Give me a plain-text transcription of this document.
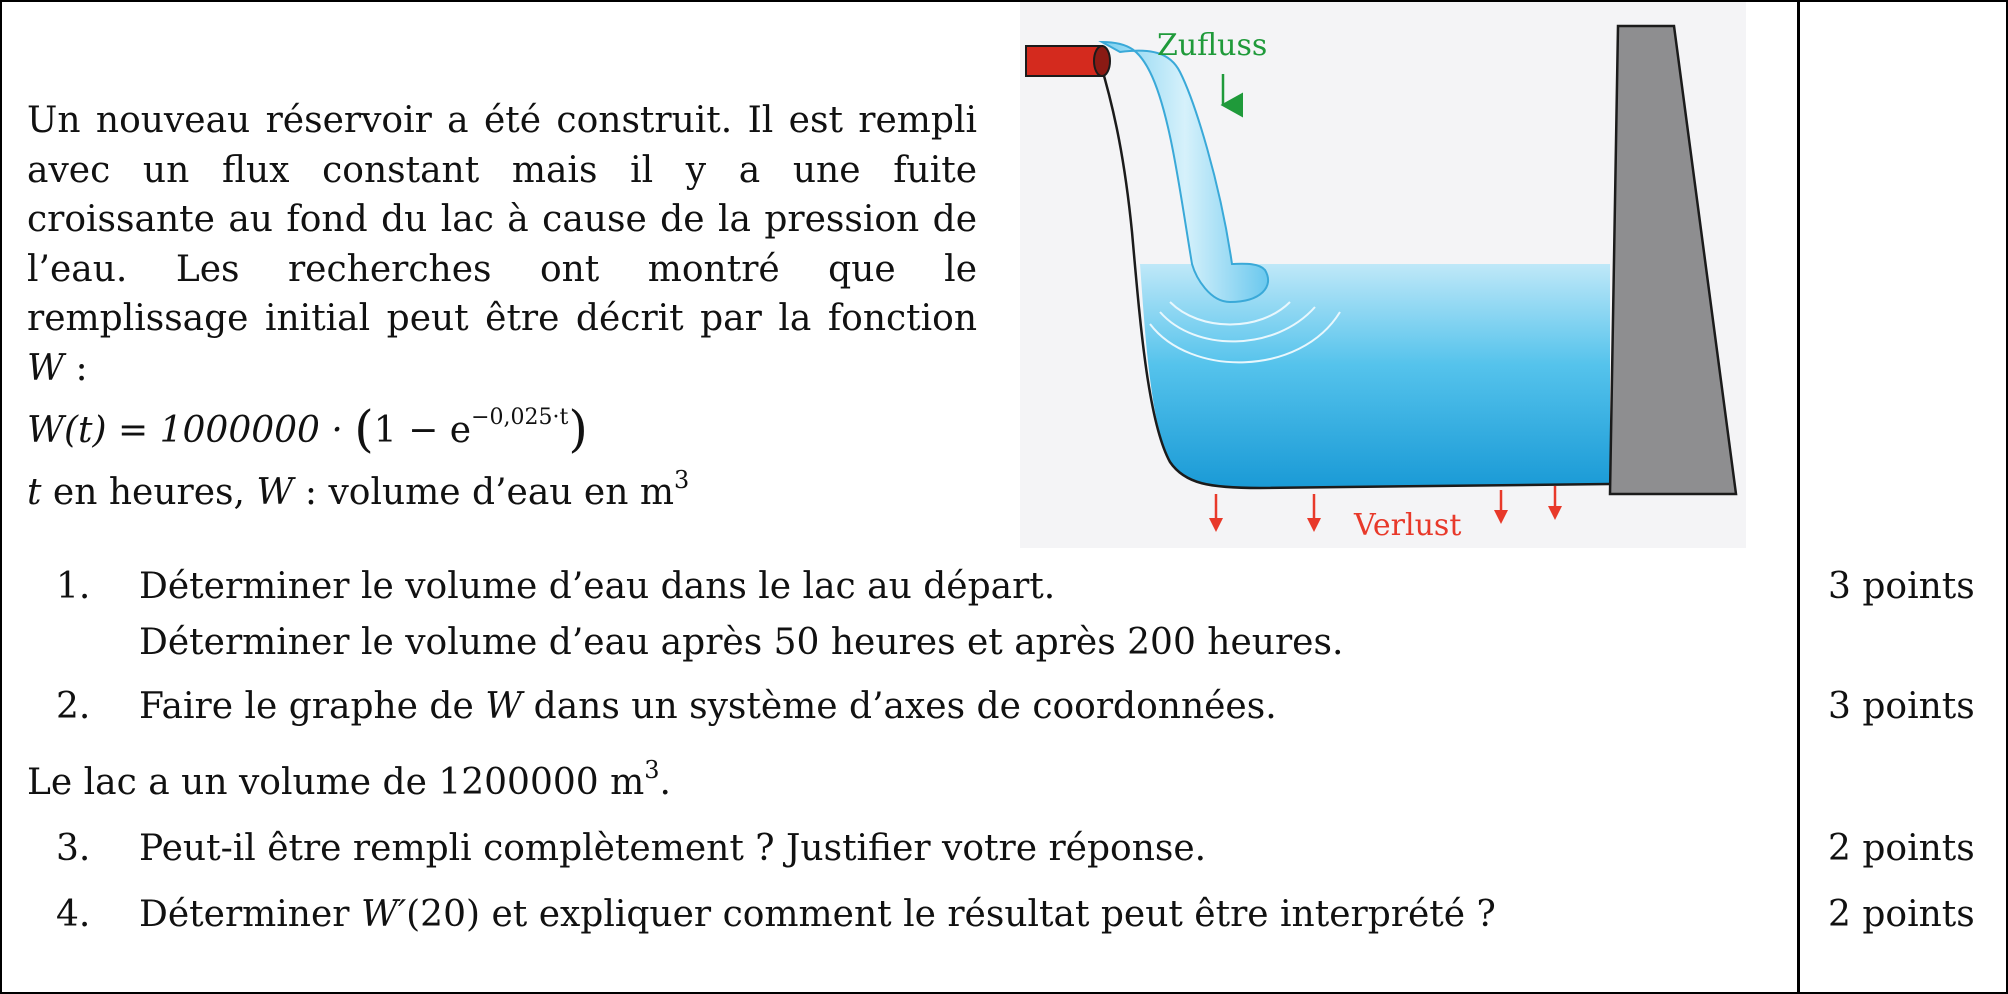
Un nouveau réservoir a été construit. Il est rempli avec un flux constant mais il y a une fuite croissante au fond du lac à cause de la pression de l’eau. Les recherches ont montré que le remplissage initial peut être décrit par la fonction W :

$W(t) = 1000000 \cdot (1 - e^{-0,025\cdot t})$

t en heures, W : volume d’eau en $m^3$

Zufluss
Verlust
1. Déterminer le volume d’eau dans le lac au départ.	3 points
Déterminer le volume d’eau après 50 heures et après 200 heures.
2. Faire le graphe de W dans un système d’axes de coordonnées.	3 points
Le lac a un volume de 1200000 $m^3$.
3. Peut-il être rempli complètement ? Justifier votre réponse.	2 points
4. Déterminer W′(20) et expliquer comment le résultat peut être interprété ?	2 points
